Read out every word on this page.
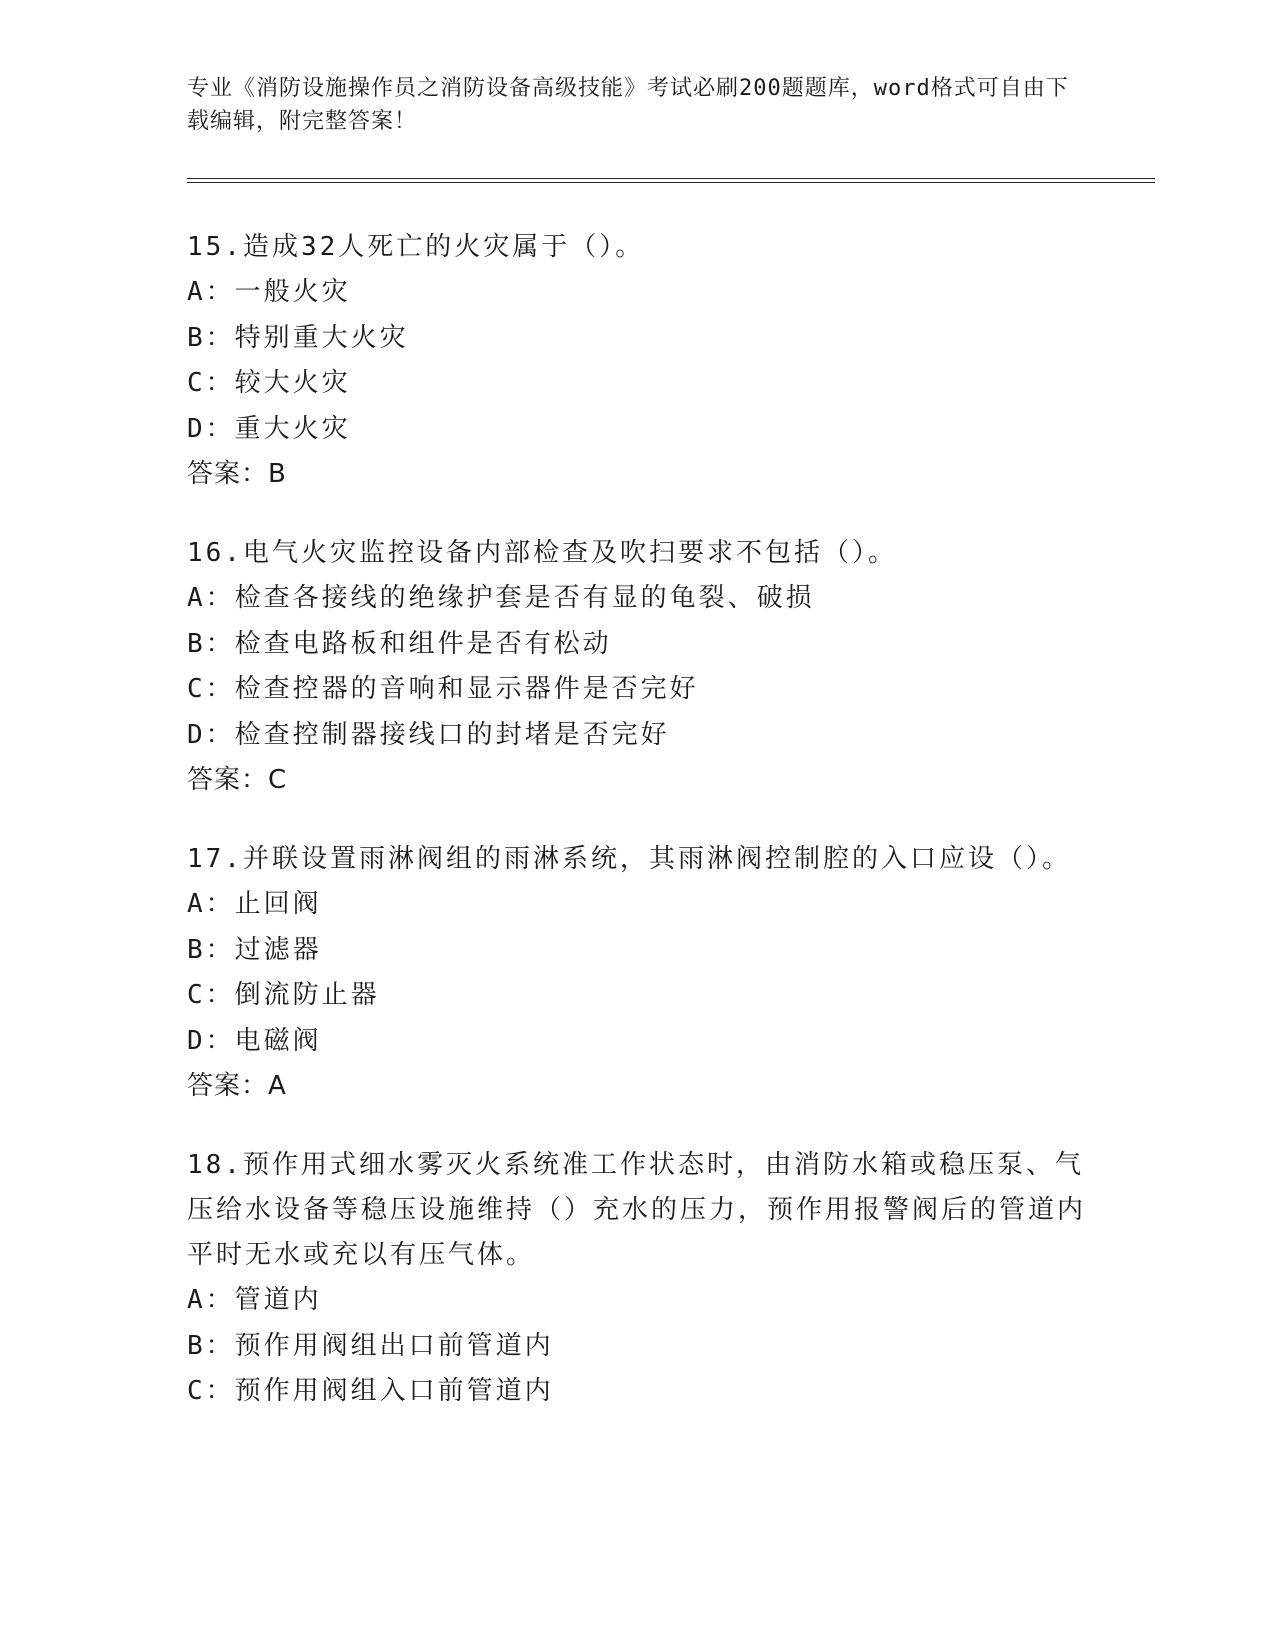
专业《消防设施操作员之消防设备高级技能》考试必刷200题题库，word格式可自由下载编辑，附完整答案！
15.造成32人死亡的火灾属于（）。
A：一般火灾
B：特别重大火灾
C：较大火灾
D：重大火灾
答案：B
16.电气火灾监控设备内部检查及吹扫要求不包括（）。
A：检查各接线的绝缘护套是否有显的龟裂、破损
B：检查电路板和组件是否有松动
C：检查控器的音响和显示器件是否完好
D：检查控制器接线口的封堵是否完好
答案：C
17.并联设置雨淋阀组的雨淋系统，其雨淋阀控制腔的入口应设（）。
A：止回阀
B：过滤器
C：倒流防止器
D：电磁阀
答案：A
18.预作用式细水雾灭火系统准工作状态时，由消防水箱或稳压泵、气压给水设备等稳压设施维持（）充水的压力，预作用报警阀后的管道内平时无水或充以有压气体。
A：管道内
B：预作用阀组出口前管道内
C：预作用阀组入口前管道内
